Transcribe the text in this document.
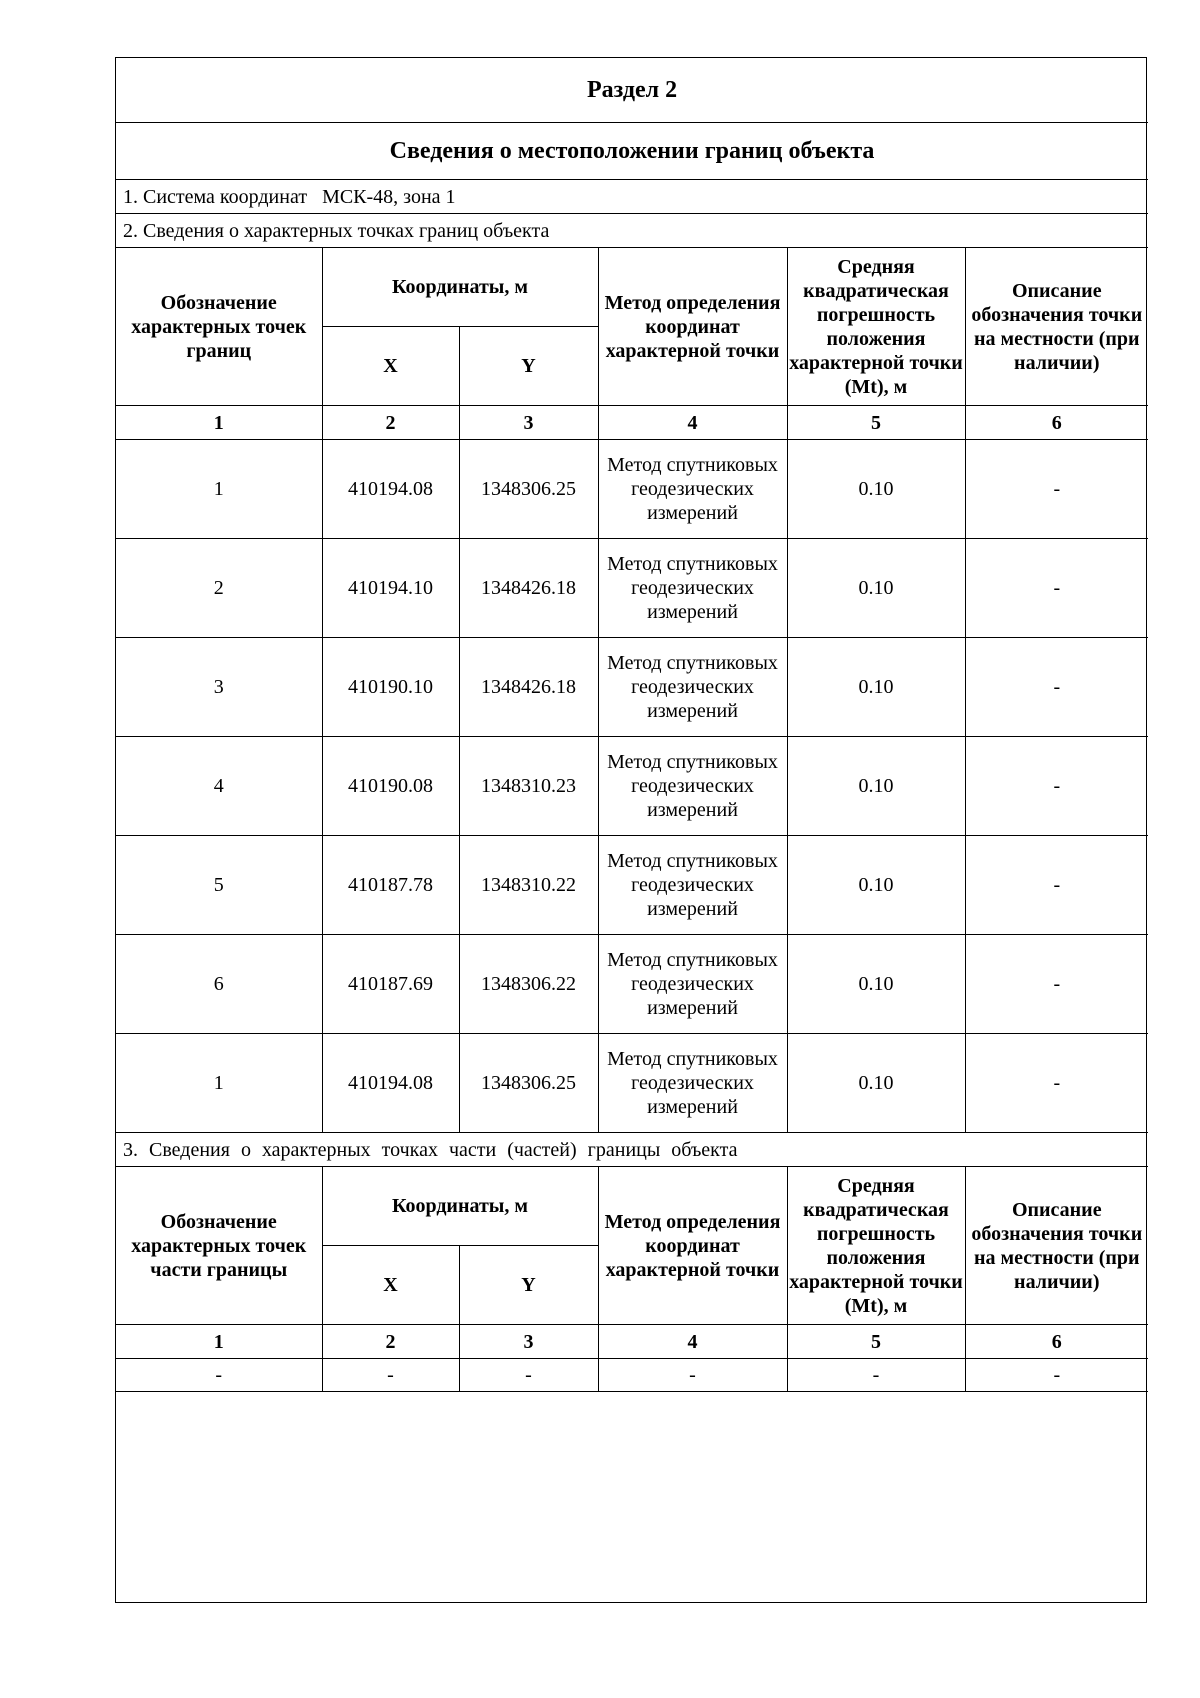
Раздел 2					
Сведения о местоположении границ объекта					
1. Система координат МСК-48, зона 1					
2. Сведения о характерных точках границ объекта					
Обозначение характерных точек границ	Координаты, м		Метод определения координат характерной точки	Средняя квадратическая погрешность положения характерной точки (Mt), м	Описание обозначения точки на местности (при наличии)
	X	Y			
1	2	3	4	5	6
1	410194.08	1348306.25	Метод спутниковых геодезических измерений	0.10	-
2	410194.10	1348426.18	Метод спутниковых геодезических измерений	0.10	-
3	410190.10	1348426.18	Метод спутниковых геодезических измерений	0.10	-
4	410190.08	1348310.23	Метод спутниковых геодезических измерений	0.10	-
5	410187.78	1348310.22	Метод спутниковых геодезических измерений	0.10	-
6	410187.69	1348306.22	Метод спутниковых геодезических измерений	0.10	-
1	410194.08	1348306.25	Метод спутниковых геодезических измерений	0.10	-
3. Сведения о характерных точках части (частей) границы объекта					
Обозначение характерных точек части границы	Координаты, м		Метод определения координат характерной точки	Средняя квадратическая погрешность положения характерной точки (Mt), м	Описание обозначения точки на местности (при наличии)
	X	Y			
1	2	3	4	5	6
-	-	-	-	-	-
